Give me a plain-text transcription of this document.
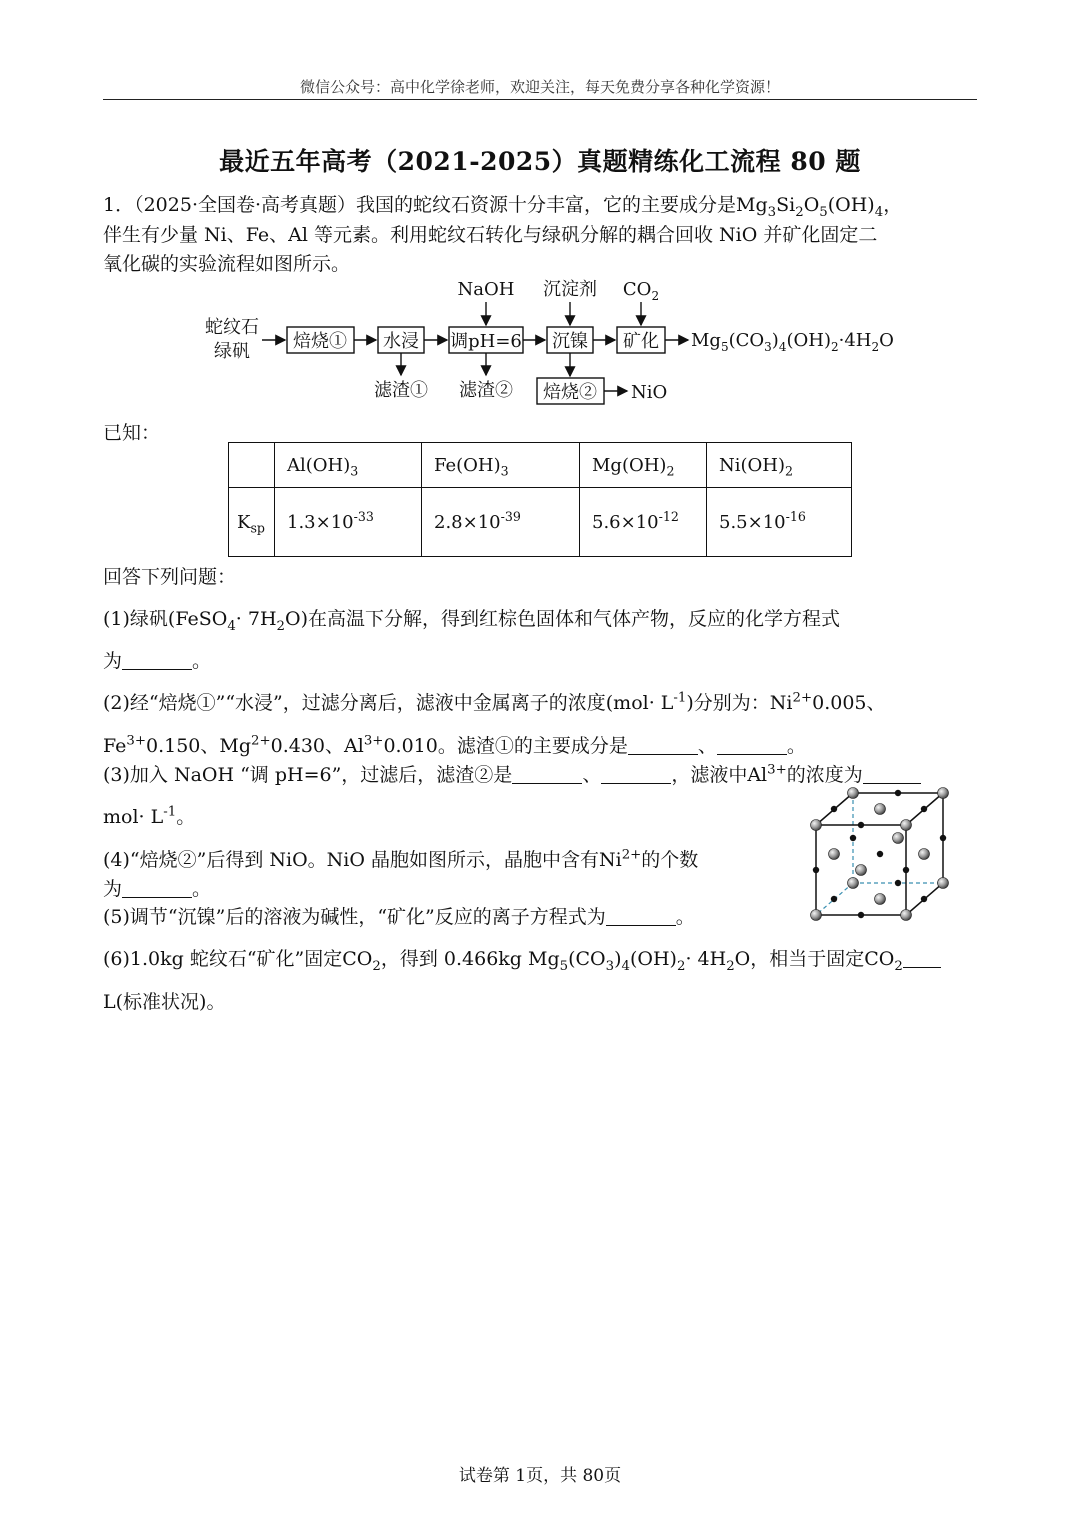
微信公众号：高中化学徐老师，欢迎关注，每天免费分享各种化学资源！
最近五年高考（2021-2025）真题精练化工流程 80 题
1．（2025·全国卷·高考真题）我国的蛇纹石资源十分丰富，它的主要成分是$Mg_3Si_2O_5(OH)_4$，
伴生有少量 Ni、Fe、Al 等元素。利用蛇纹石转化与绿矾分解的耦合回收 NiO 并矿化固定二
氧化碳的实验流程如图所示。
蛇纹石
绿矾 焙烧① 水浸 调pH=6 沉镍 矿化 $Mg_5(CO_3)_4(OH)_2\cdot 4H_2O$
NaOH 沉淀剂 $CO_2$
滤渣① 滤渣② 焙烧② NiO
已知：
	$Al(OH)_3$	$Fe(OH)_3$	$Mg(OH)_2$	$Ni(OH)_2$
$K_{sp}$	$1.3\times 10^{-33}$	$2.8\times 10^{-39}$	$5.6\times 10^{-12}$	$5.5\times 10^{-16}$
回答下列问题：
(1)绿矾(FeSO$_4$· $7H_2O$)在高温下分解，得到红棕色固体和气体产物，反应的化学方程式
为	。
(2)经“焙烧①”“水浸”，过滤分离后，滤液中金属离子的浓度$(mol\cdot L^{-1})$分别为：$Ni^{2+}0.005$、
$Fe^{3+}0.150$、$Mg^{2+}0.430$、$Al^{3+}0.010$。滤渣①的主要成分是	、	。
(3)加入 NaOH “调 pH=6”，过滤后，滤渣②是	、	，滤液中$Al^{3+}$的浓度为
$mol\cdot L^{-1}$。
(4)“焙烧②”后得到 NiO。NiO 晶胞如图所示，晶胞中含有$Ni^{2+}$的个数
为	。
(5)调节“沉镍”后的溶液为碱性，“矿化”反应的离子方程式为	。
(6)1.0kg 蛇纹石“矿化”固定$CO_2$，得到 0.466kg $Mg_5(CO_3)_4(OH)_2\cdot 4H_2O$，相当于固定$CO_2$
L(标准状况)。
试卷第 1页，共 80页
